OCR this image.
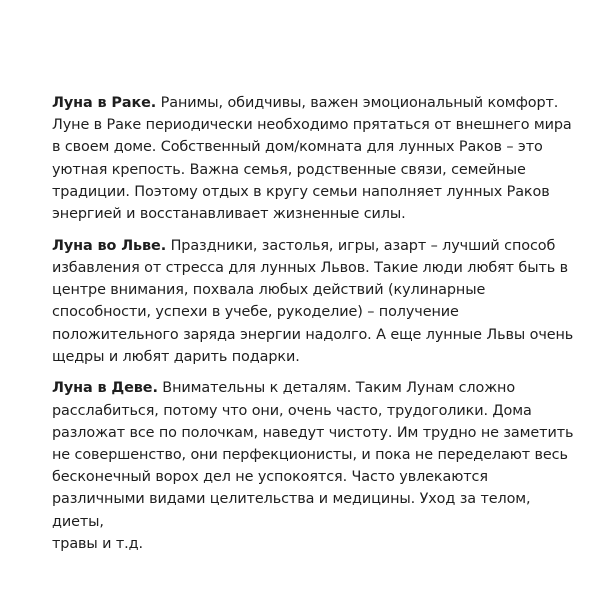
Луна в Раке. Ранимы, обидчивы, важен эмоциональный комфорт.
Луне в Раке периодически необходимо прятаться от внешнего мира
в своем доме. Собственный дом/комната для лунных Раков – это
уютная крепость. Важна семья, родственные связи, семейные
традиции. Поэтому отдых в кругу семьи наполняет лунных Раков
энергией и восстанавливает жизненные силы.

Луна во Льве. Праздники, застолья, игры, азарт – лучший способ
избавления от стресса для лунных Львов. Такие люди любят быть в
центре внимания, похвала любых действий (кулинарные
способности, успехи в учебе, рукоделие) – получение
положительного заряда энергии надолго. А еще лунные Львы очень
щедры и любят дарить подарки.

Луна в Деве. Внимательны к деталям. Таким Лунам сложно
расслабиться, потому что они, очень часто, трудоголики. Дома
разложат все по полочкам, наведут чистоту. Им трудно не заметить
не совершенство, они перфекционисты, и пока не переделают весь
бесконечный ворох дел не успокоятся. Часто увлекаются
различными видами целительства и медицины. Уход за телом, диеты,
травы и т.д.
